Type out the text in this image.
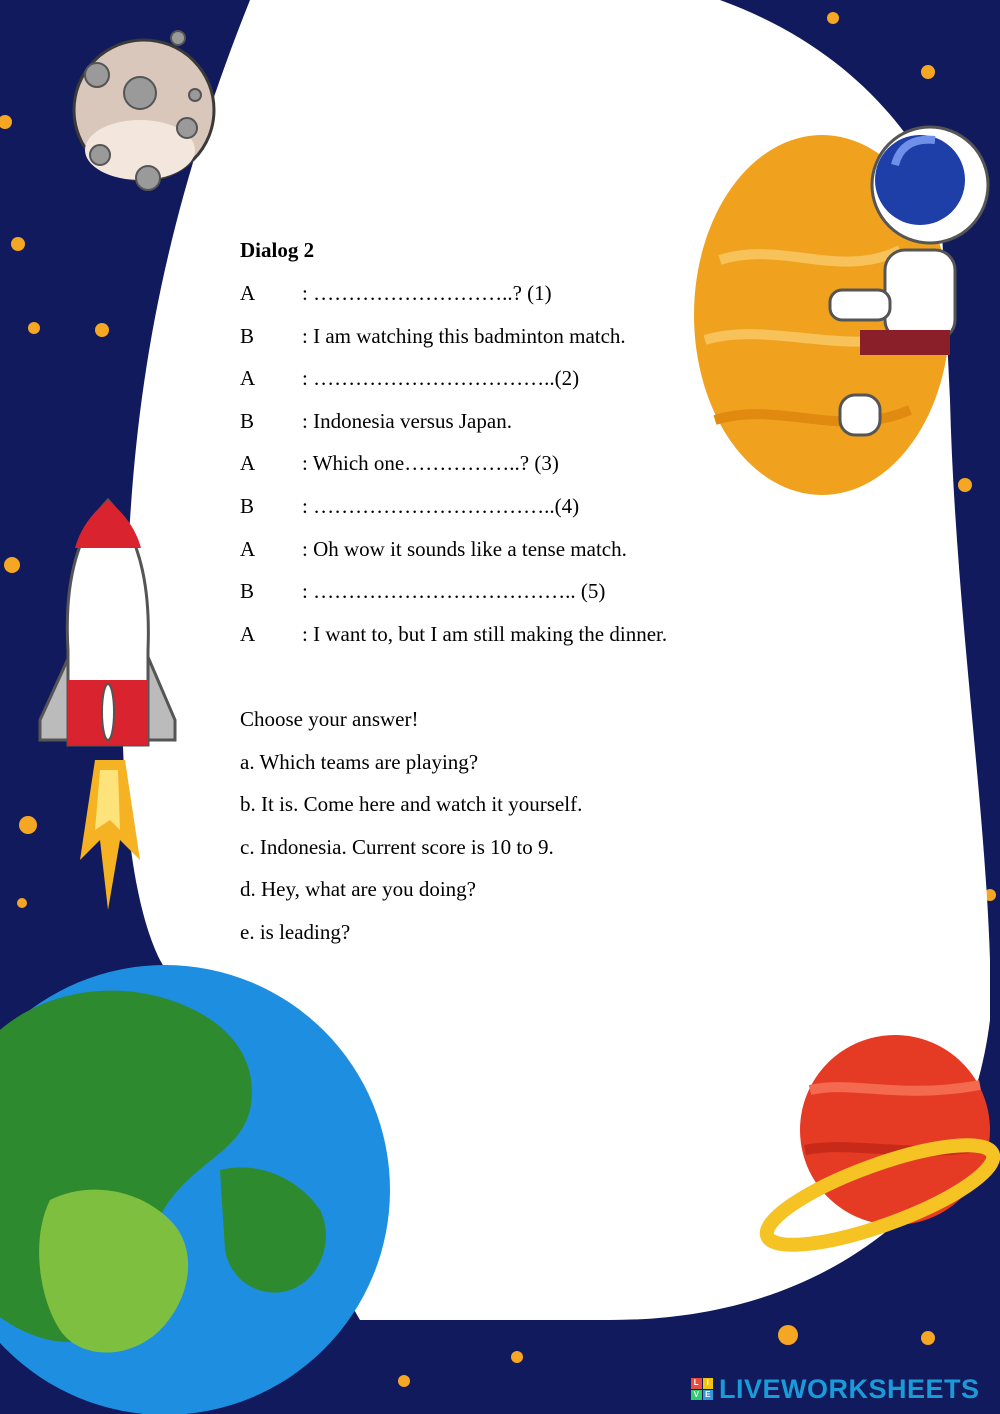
Dialog 2
A : ………………………..? (1)
B : I am watching this badminton match.
A : ……………………………..(2)
B : Indonesia versus Japan.
A : Which one……………..? (3)
B : ……………………………..(4)
A : Oh wow it sounds like a tense match.
B : ……………………………….. (5)
A : I want to, but I am still making the dinner.
Choose your answer!
a. Which teams are playing?
b. It is. Come here and watch it yourself.
c. Indonesia. Current score is 10 to 9.
d. Hey, what are you doing?
e. is leading?
L I
V E LIVEWORKSHEETS
